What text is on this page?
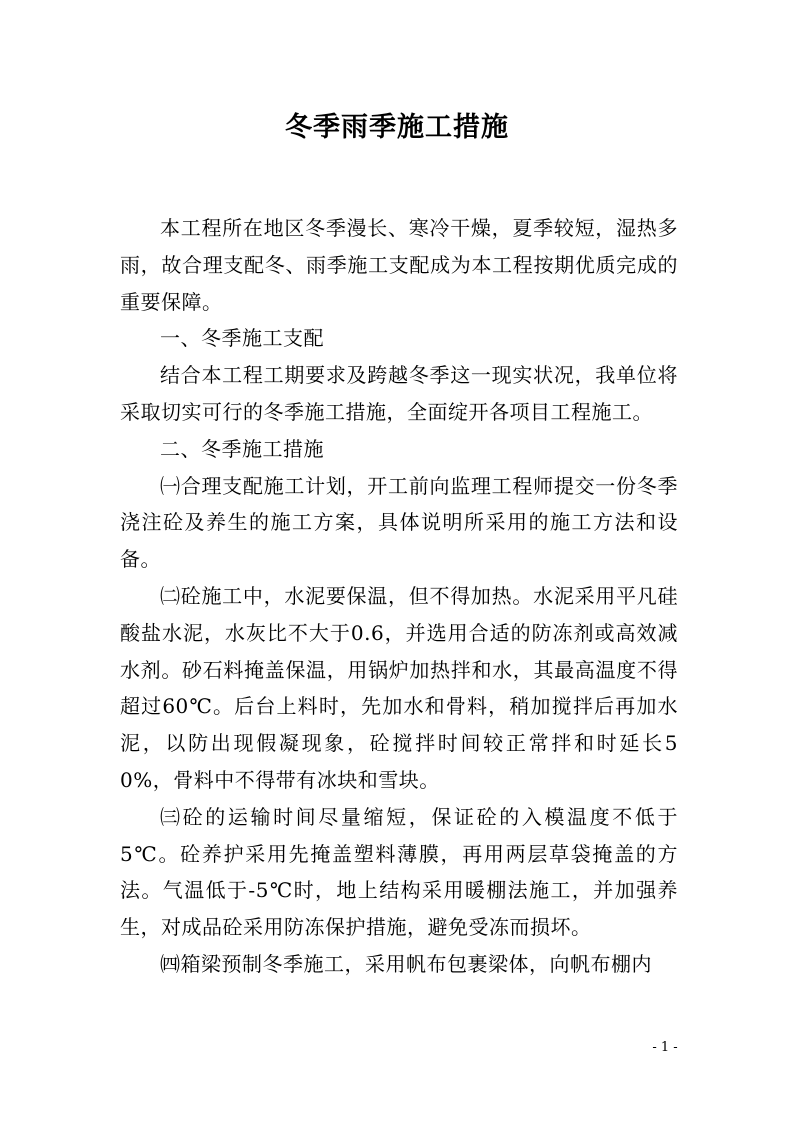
冬季雨季施工措施

本工程所在地区冬季漫长、寒冷干燥，夏季较短，湿热多雨，故合理支配冬、雨季施工支配成为本工程按期优质完成的重要保障。

一、冬季施工支配

结合本工程工期要求及跨越冬季这一现实状况，我单位将采取切实可行的冬季施工措施，全面绽开各项目工程施工。

二、冬季施工措施

㈠合理支配施工计划，开工前向监理工程师提交一份冬季浇注砼及养生的施工方案，具体说明所采用的施工方法和设备。

㈡砼施工中，水泥要保温，但不得加热。水泥采用平凡硅酸盐水泥，水灰比不大于0.6，并选用合适的防冻剂或高效减水剂。砂石料掩盖保温，用锅炉加热拌和水，其最高温度不得超过60℃。后台上料时，先加水和骨料，稍加搅拌后再加水泥，以防出现假凝现象，砼搅拌时间较正常拌和时延长50%，骨料中不得带有冰块和雪块。

㈢砼的运输时间尽量缩短，保证砼的入模温度不低于5℃。砼养护采用先掩盖塑料薄膜，再用两层草袋掩盖的方法。气温低于-5℃时，地上结构采用暖棚法施工，并加强养生，对成品砼采用防冻保护措施，避免受冻而损坏。

㈣箱梁预制冬季施工，采用帆布包裹梁体，向帆布棚内

- 1 -
